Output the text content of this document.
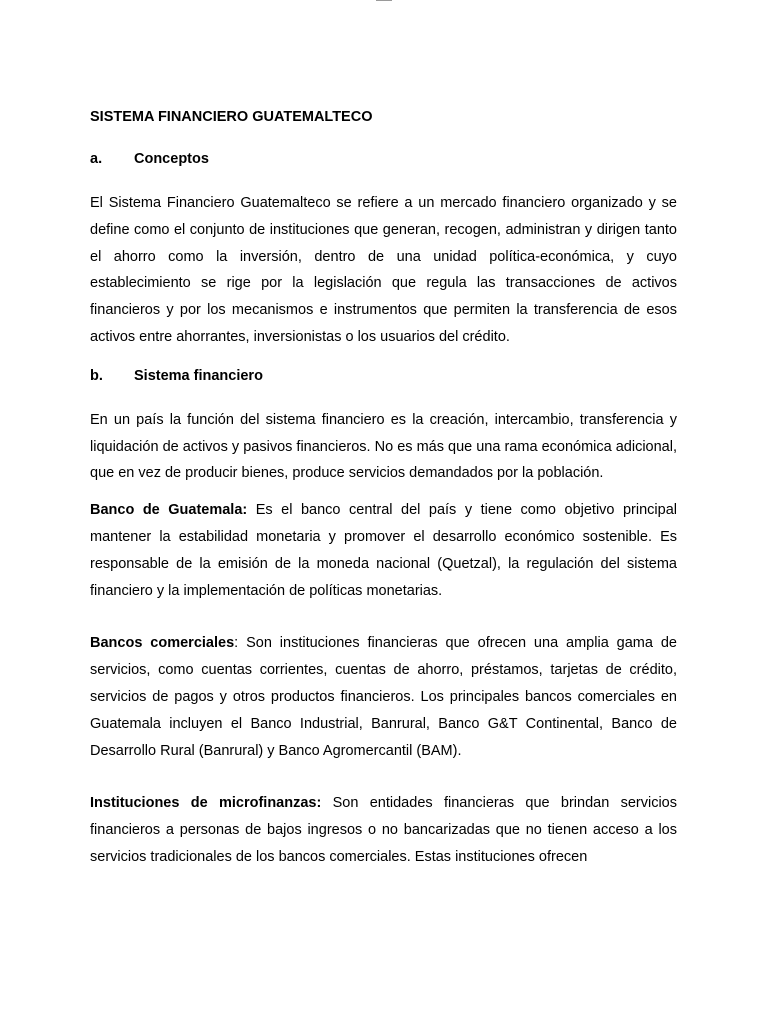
SISTEMA FINANCIERO GUATEMALTECO
a.	Conceptos

El Sistema Financiero Guatemalteco se refiere a un mercado financiero organizado y se define como el conjunto de instituciones que generan, recogen, administran y dirigen tanto el ahorro como la inversión, dentro de una unidad política-económica, y cuyo establecimiento se rige por la legislación que regula las transacciones de activos financieros y por los mecanismos e instrumentos que permiten la transferencia de esos activos entre ahorrantes, inversionistas o los usuarios del crédito.

b.	Sistema financiero

En un país la función del sistema financiero es la creación, intercambio, transferencia y liquidación de activos y pasivos financieros. No es más que una rama económica adicional, que en vez de producir bienes, produce servicios demandados por la población.

Banco de Guatemala: Es el banco central del país y tiene como objetivo principal mantener la estabilidad monetaria y promover el desarrollo económico sostenible. Es responsable de la emisión de la moneda nacional (Quetzal), la regulación del sistema financiero y la implementación de políticas monetarias.

Bancos comerciales: Son instituciones financieras que ofrecen una amplia gama de servicios, como cuentas corrientes, cuentas de ahorro, préstamos, tarjetas de crédito, servicios de pagos y otros productos financieros. Los principales bancos comerciales en Guatemala incluyen el Banco Industrial, Banrural, Banco G&T Continental, Banco de Desarrollo Rural (Banrural) y Banco Agromercantil (BAM).

Instituciones de microfinanzas: Son entidades financieras que brindan servicios financieros a personas de bajos ingresos o no bancarizadas que no tienen acceso a los servicios tradicionales de los bancos comerciales. Estas instituciones ofrecen
